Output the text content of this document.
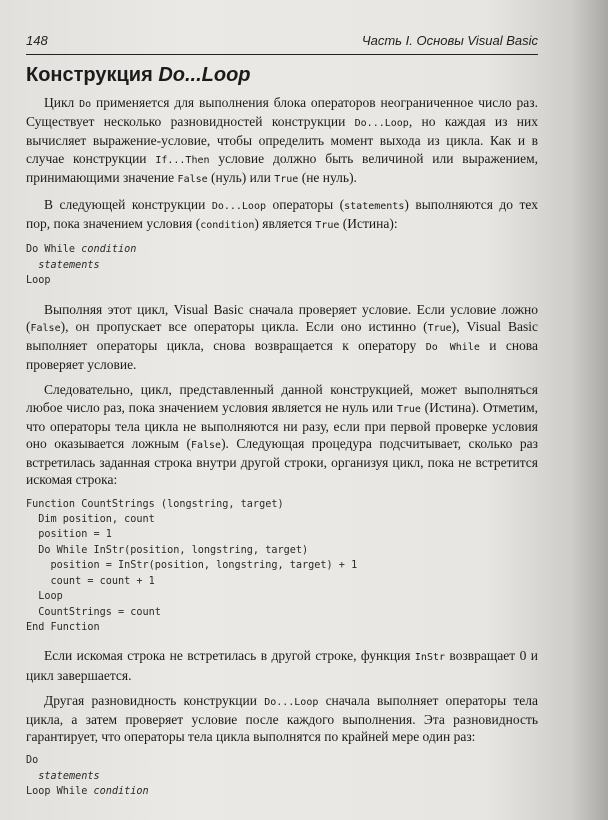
148	Часть I. Основы Visual Basic
Конструкция Do...Loop

Цикл Do применяется для выполнения блока операторов неограниченное число раз. Существует несколько разновидностей конструкции Do...Loop, но каждая из них вычисляет выражение-условие, чтобы определить момент выхода из цикла. Как и в случае конструкции If...Then условие должно быть величиной или выражением, принимающими значение False (нуль) или True (не нуль).

В следующей конструкции Do...Loop операторы (statements) выполняются до тех пор, пока значением условия (condition) является True (Истина):

Do While condition
statements
Loop

Выполняя этот цикл, Visual Basic сначала проверяет условие. Если условие ложно (False), он пропускает все операторы цикла. Если оно истинно (True), Visual Basic выполняет операторы цикла, снова возвращается к оператору Do While и снова проверяет условие.

Следовательно, цикл, представленный данной конструкцией, может выполняться любое число раз, пока значением условия является не нуль или True (Истина). Отметим, что операторы тела цикла не выполняются ни разу, если при первой проверке условия оно оказывается ложным (False). Следующая процедура подсчитывает, сколько раз встретилась заданная строка внутри другой строки, организуя цикл, пока не встретится искомая строка:

Function CountStrings (longstring, target)
Dim position, count
position = 1
Do While InStr(position, longstring, target)
position = InStr(position, longstring, target) + 1
count = count + 1
Loop
CountStrings = count
End Function

Если искомая строка не встретилась в другой строке, функция InStr возвращает 0 и цикл завершается.

Другая разновидность конструкции Do...Loop сначала выполняет операторы тела цикла, а затем проверяет условие после каждого выполнения. Эта разновидность гарантирует, что операторы тела цикла выполнятся по крайней мере один раз:

Do
statements
Loop While condition
